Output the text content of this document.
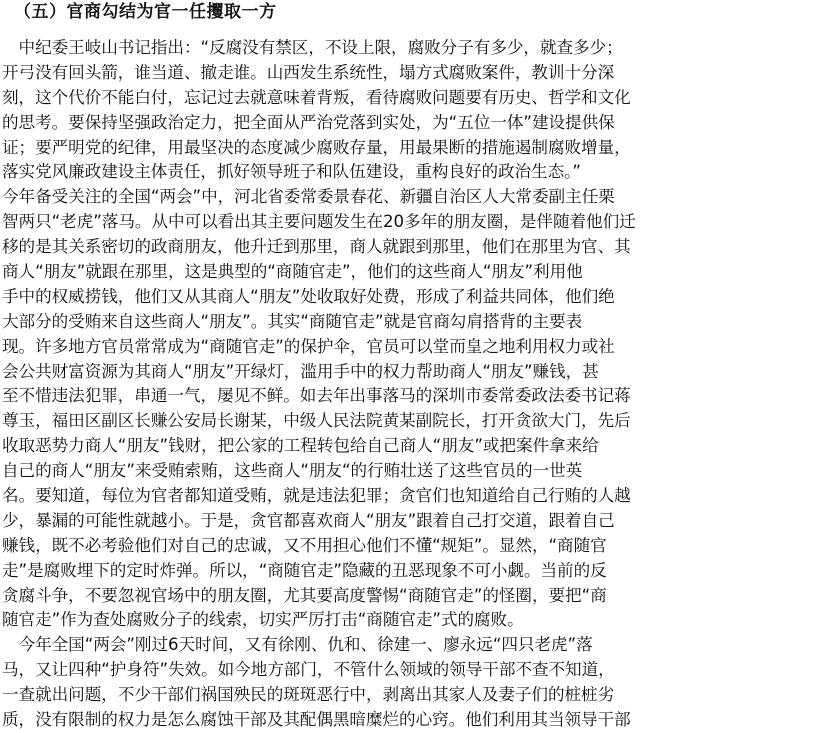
（五）官商勾结为官一任攫取一方
　中纪委王岐山书记指出：“反腐没有禁区，不设上限，腐败分子有多少，就查多少；
开弓没有回头箭，谁当道、撤走谁。山西发生系统性，塌方式腐败案件，教训十分深
刻，这个代价不能白付，忘记过去就意味着背叛，看待腐败问题要有历史、哲学和文化
的思考。要保持坚强政治定力，把全面从严治党落到实处，为“五位一体”建设提供保
证；要严明党的纪律，用最坚决的态度减少腐败存量，用最果断的措施遏制腐败增量，
落实党风廉政建设主体责任，抓好领导班子和队伍建设，重构良好的政治生态。”
今年备受关注的全国“两会”中，河北省委常委景春花、新疆自治区人大常委副主任栗
智两只“老虎”落马。从中可以看出其主要问题发生在20多年的朋友圈，是伴随着他们迁
移的是其关系密切的政商朋友，他升迁到那里，商人就跟到那里，他们在那里为官、其
商人“朋友”就跟在那里，这是典型的“商随官走”，他们的这些商人“朋友”利用他
手中的权威捞钱，他们又从其商人“朋友”处收取好处费，形成了利益共同体，他们绝
大部分的受贿来自这些商人“朋友”。其实“商随官走”就是官商勾肩搭背的主要表
现。许多地方官员常常成为“商随官走”的保护伞，官员可以堂而皇之地利用权力或社
会公共财富资源为其商人“朋友”开绿灯，滥用手中的权力帮助商人“朋友”赚钱，甚
至不惜违法犯罪，串通一气，屡见不鲜。如去年出事落马的深圳市委常委政法委书记蒋
尊玉，福田区副区长赚公安局长谢某，中级人民法院黄某副院长，打开贪欲大门，先后
收取恶势力商人“朋友”钱财，把公家的工程转包给自己商人“朋友”或把案件拿来给
自己的商人“朋友”来受贿索贿，这些商人“朋友“的行贿壮送了这些官员的一世英
名。要知道，每位为官者都知道受贿，就是违法犯罪；贪官们也知道给自己行贿的人越
少，暴漏的可能性就越小。于是，贪官都喜欢商人“朋友”跟着自己打交道，跟着自己
赚钱，既不必考验他们对自己的忠诚，又不用担心他们不懂“规矩”。显然，“商随官
走”是腐败埋下的定时炸弹。所以，“商随官走”隐藏的丑恶现象不可小觑。当前的反
贪腐斗争，不要忽视官场中的朋友圈，尤其要高度警惕“商随官走”的怪圈，要把“商
随官走”作为查处腐败分子的线索，切实严厉打击“商随官走”式的腐败。
　今年全国“两会”刚过6天时间，又有徐刚、仇和、徐建一、廖永远“四只老虎”落
马，又让四种“护身符”失效。如今地方部门，不管什么领域的领导干部不查不知道，
一查就出问题，不少干部们祸国殃民的斑斑恶行中，剥离出其家人及妻子们的桩桩劣
质，没有限制的权力是怎么腐蚀干部及其配偶黑暗糜烂的心窍。他们利用其当领导干部
